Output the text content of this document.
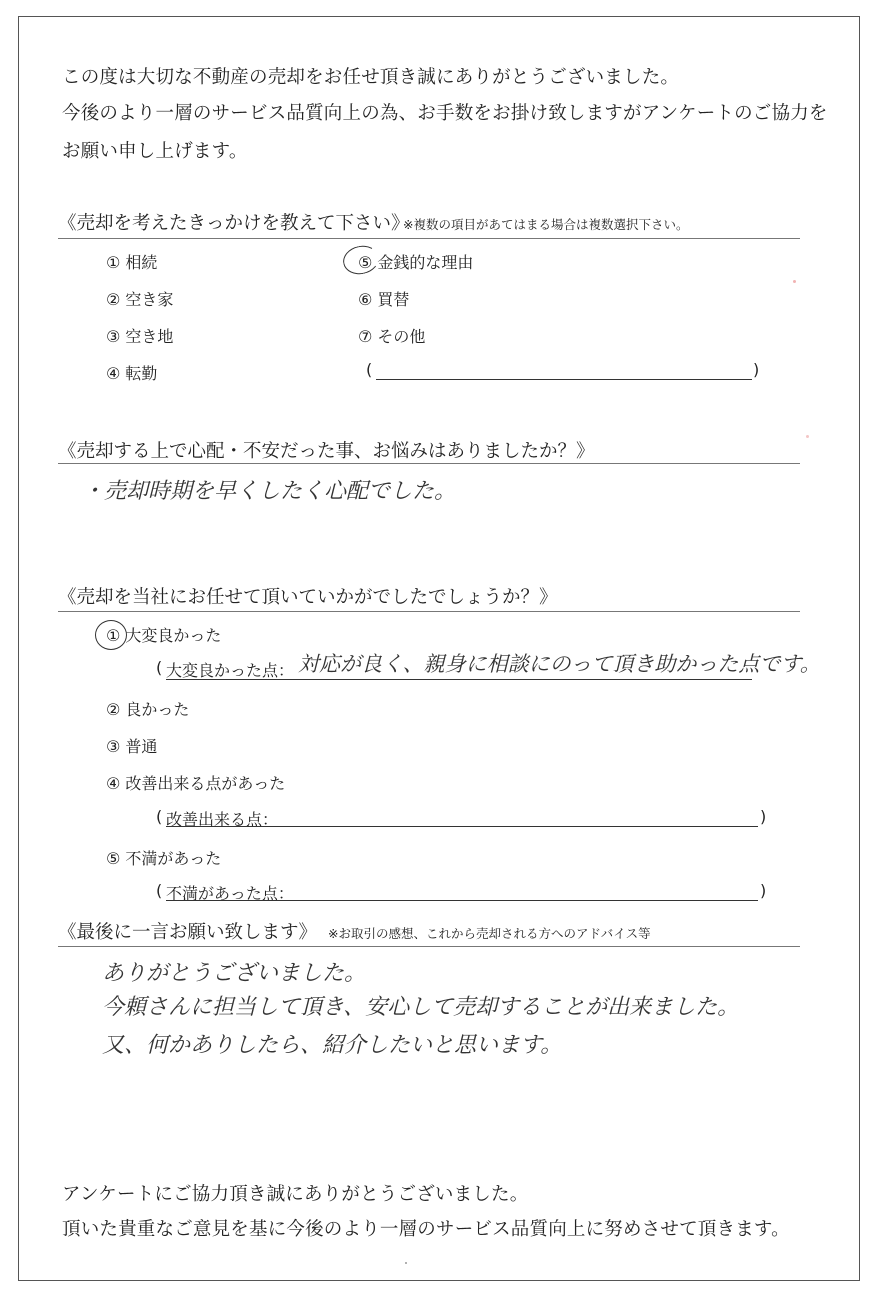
この度は大切な不動産の売却をお任せ頂き誠にありがとうございました。
今後のより一層のサービス品質向上の為、お手数をお掛け致しますがアンケートのご協力を
お願い申し上げます。
《売却を考えたきっかけを教えて下さい》
※複数の項目があてはまる場合は複数選択下さい。
① 相続
② 空き家
③ 空き地
④ 転勤
⑤ 金銭的な理由
⑥ 買替
⑦ その他
(	)
《売却する上で心配・不安だった事、お悩みはありましたか？》
・売却時期を早くしたく心配でした。
《売却を当社にお任せて頂いていかがでしたでしょうか？》
① 大変良かった
( 大変良かった点： 対応が良く、親身に相談にのって頂き助かった点です。
② 良かった
③ 普通
④ 改善出来る点があった
( 改善出来る点：	)
⑤ 不満があった
( 不満があった点：	)
《最後に一言お願い致します》 ※お取引の感想、これから売却される方へのアドバイス等
ありがとうございました。
今頼さんに担当して頂き、安心して売却することが出来ました。
又、何かありしたら、紹介したいと思います。
アンケートにご協力頂き誠にありがとうございました。
頂いた貴重なご意見を基に今後のより一層のサービス品質向上に努めさせて頂きます。
